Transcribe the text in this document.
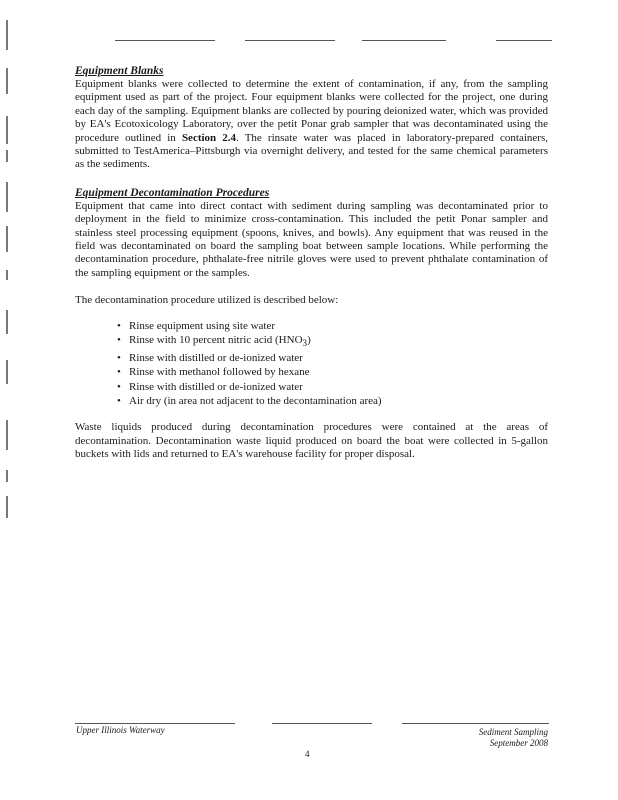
Equipment Blanks

Equipment blanks were collected to determine the extent of contamination, if any, from the sampling equipment used as part of the project. Four equipment blanks were collected for the project, one during each day of the sampling. Equipment blanks are collected by pouring deionized water, which was provided by EA's Ecotoxicology Laboratory, over the petit Ponar grab sampler that was decontaminated using the procedure outlined in Section 2.4. The rinsate water was placed in laboratory-prepared containers, submitted to TestAmerica–Pittsburgh via overnight delivery, and tested for the same chemical parameters as the sediments.

Equipment Decontamination Procedures

Equipment that came into direct contact with sediment during sampling was decontaminated prior to deployment in the field to minimize cross-contamination. This included the petit Ponar sampler and stainless steel processing equipment (spoons, knives, and bowls). Any equipment that was reused in the field was decontaminated on board the sampling boat between sample locations. While performing the decontamination procedure, phthalate-free nitrile gloves were used to prevent phthalate contamination of the sampling equipment or the samples.

The decontamination procedure utilized is described below:

• Rinse equipment using site water
• Rinse with 10 percent nitric acid $(HNO_3)$
• Rinse with distilled or de-ionized water
• Rinse with methanol followed by hexane
• Rinse with distilled or de-ionized water
• Air dry (in area not adjacent to the decontamination area)

Waste liquids produced during decontamination procedures were contained at the areas of decontamination. Decontamination waste liquid produced on board the boat were collected in 5-gallon buckets with lids and returned to EA's warehouse facility for proper disposal.

Upper Illinois Waterway	Sediment Sampling
September 2008
4
